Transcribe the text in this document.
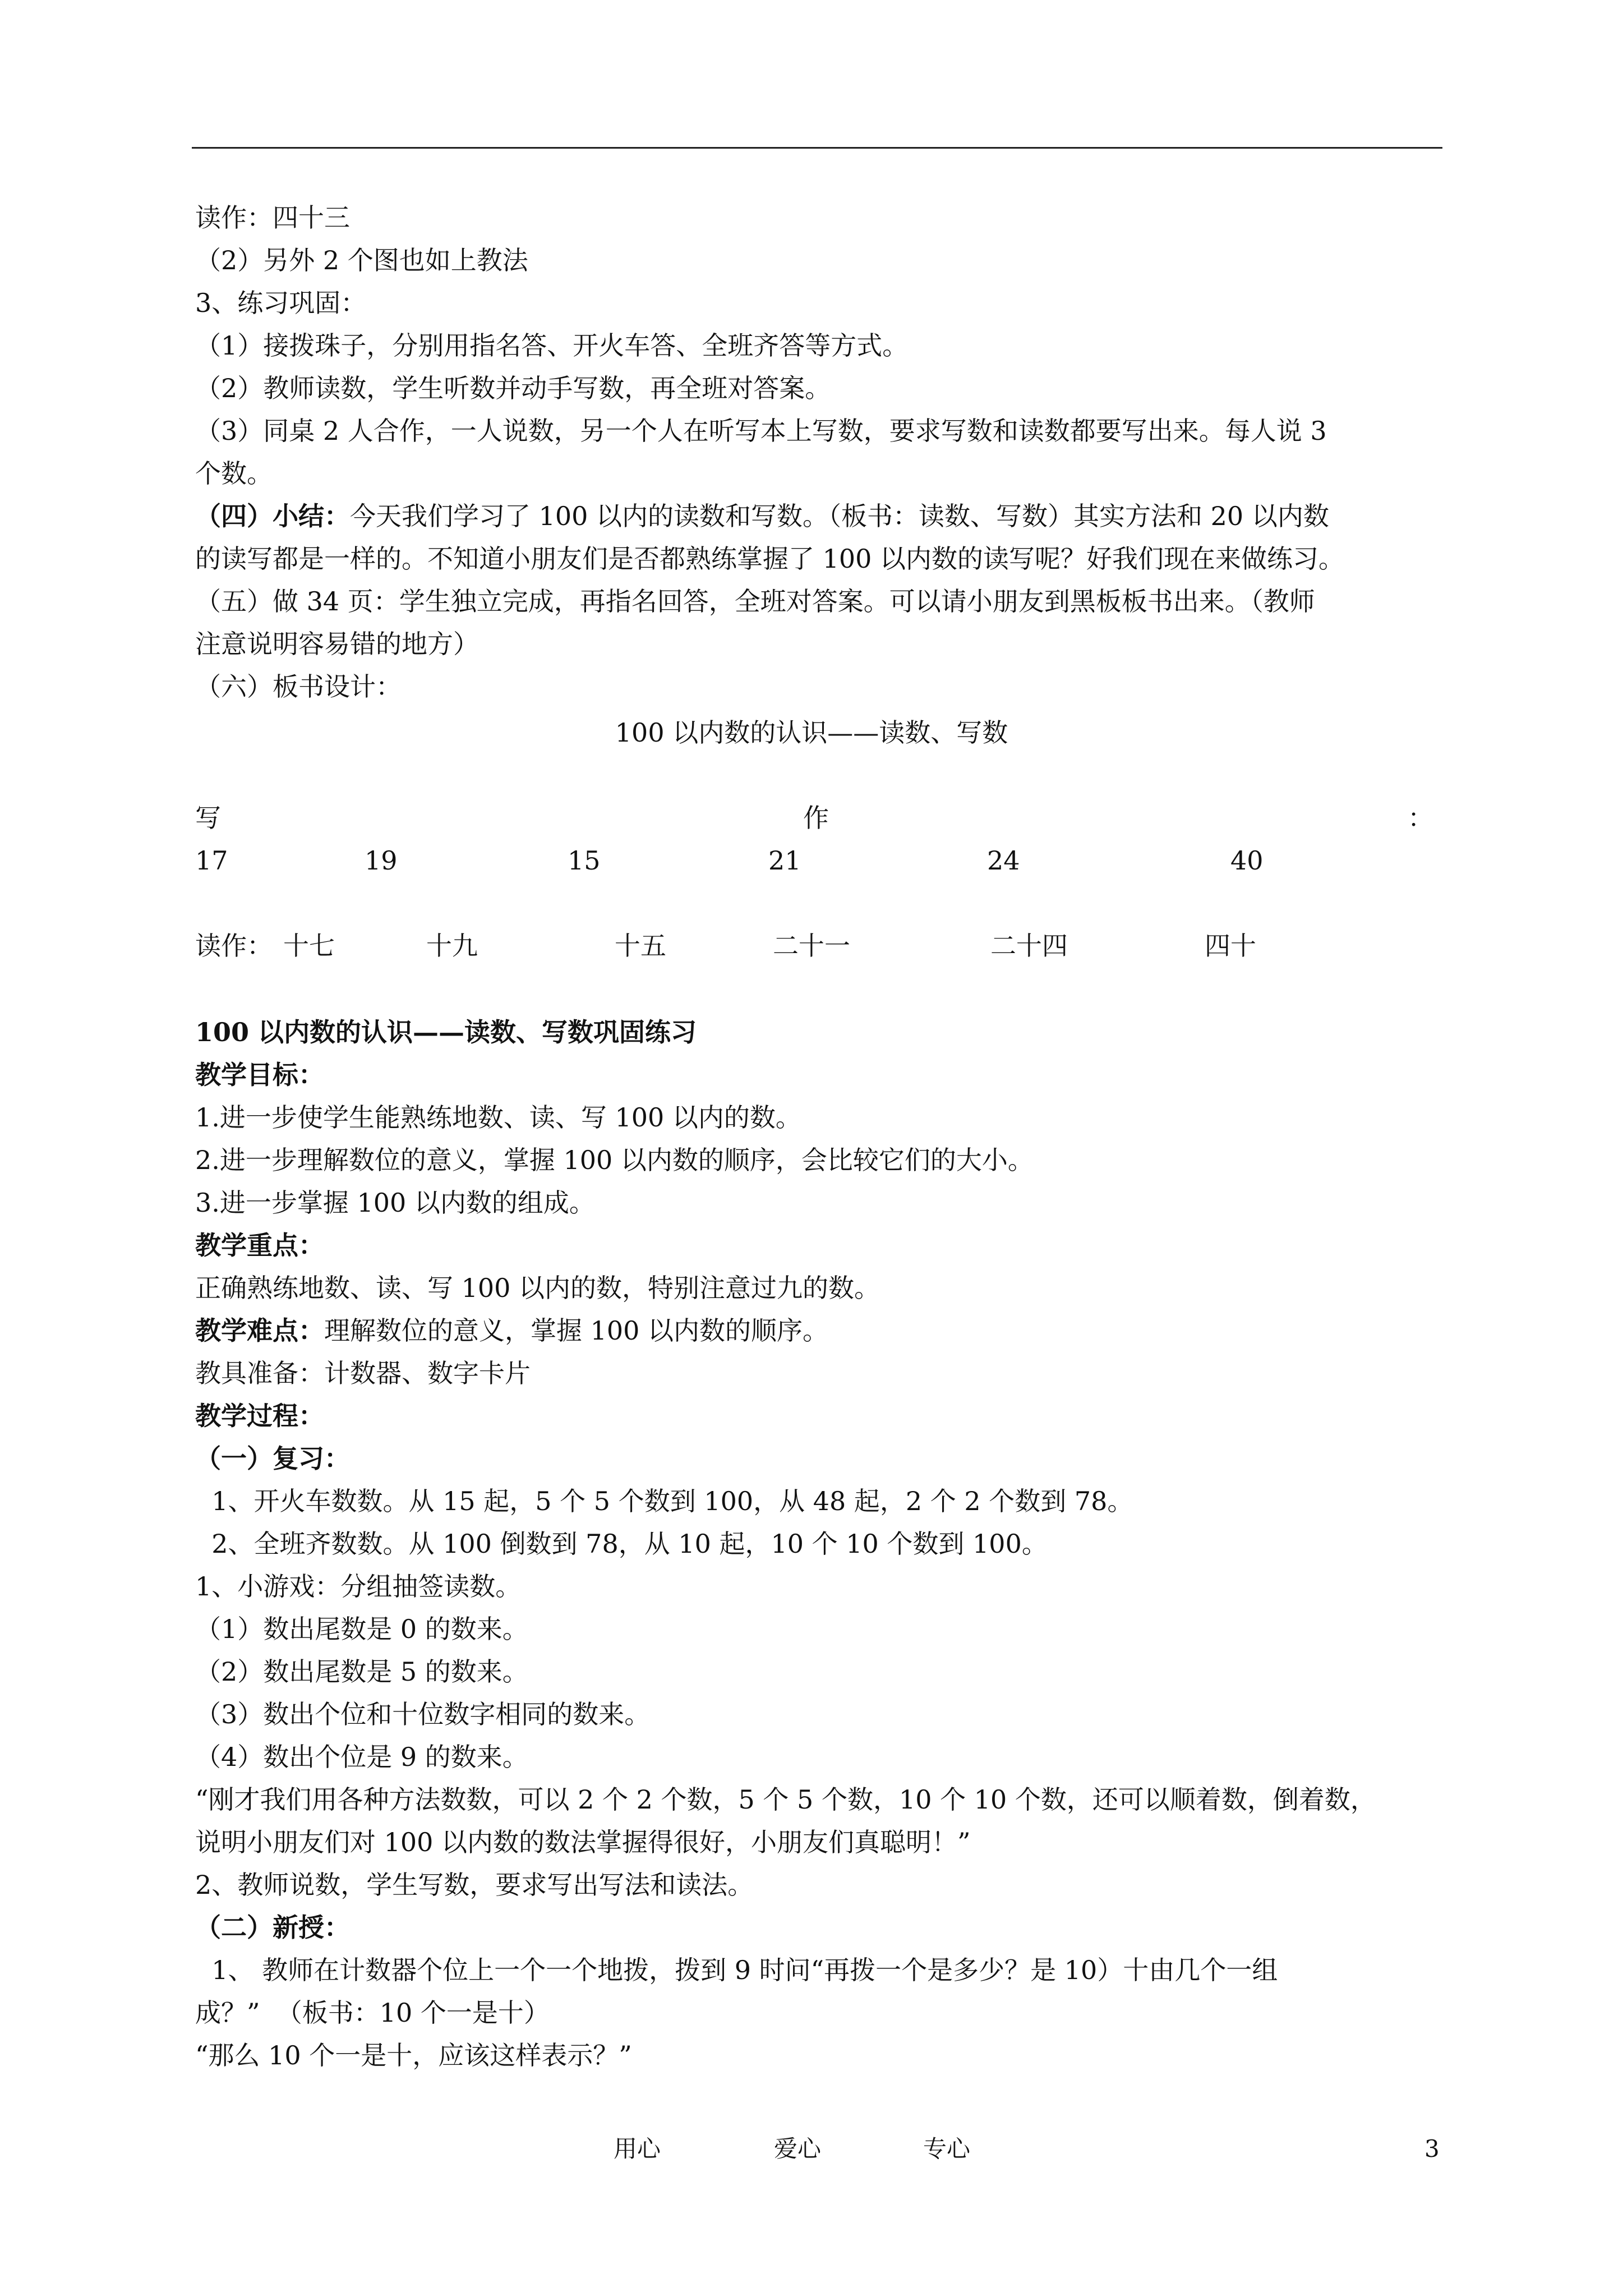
读作：四十三
（2）另外 2 个图也如上教法
3、练习巩固：
（1）接拨珠子，分别用指名答、开火车答、全班齐答等方式。
（2）教师读数，学生听数并动手写数，再全班对答案。
（3）同桌 2 人合作，一人说数，另一个人在听写本上写数，要求写数和读数都要写出来。每人说 3
个数。
（四）小结：今天我们学习了 100 以内的读数和写数。（板书：读数、写数）其实方法和 20 以内数
的读写都是一样的。不知道小朋友们是否都熟练掌握了 100 以内数的读写呢？好我们现在来做练习。
（五）做 34 页：学生独立完成，再指名回答，全班对答案。可以请小朋友到黑板板书出来。（教师
注意说明容易错的地方）
（六）板书设计：
100 以内数的认识——读数、写数
写	作	：
17	19	15	21	24	40
读作： 十七	十九	十五	二十一	二十四	四十
100 以内数的认识——读数、写数巩固练习
教学目标：
1.进一步使学生能熟练地数、读、写 100 以内的数。
2.进一步理解数位的意义，掌握 100 以内数的顺序，会比较它们的大小。
3.进一步掌握 100 以内数的组成。
教学重点：
正确熟练地数、读、写 100 以内的数，特别注意过九的数。
教学难点：理解数位的意义，掌握 100 以内数的顺序。
教具准备：计数器、数字卡片
教学过程：
（一）复习：
1、开火车数数。从 15 起，5 个 5 个数到 100，从 48 起，2 个 2 个数到 78。
2、全班齐数数。从 100 倒数到 78，从 10 起，10 个 10 个数到 100。
1、小游戏：分组抽签读数。
（1）数出尾数是 0 的数来。
（2）数出尾数是 5 的数来。
（3）数出个位和十位数字相同的数来。
（4）数出个位是 9 的数来。
“刚才我们用各种方法数数，可以 2 个 2 个数，5 个 5 个数，10 个 10 个数，还可以顺着数，倒着数，
说明小朋友们对 100 以内数的数法掌握得很好，小朋友们真聪明！”
2、教师说数，学生写数，要求写出写法和读法。
（二）新授：
1、 教师在计数器个位上一个一个地拨，拨到 9 时问“再拨一个是多少？是 10）十由几个一组
成？”  （板书：10 个一是十）
“那么 10 个一是十，应该这样表示？”
用心	爱心	专心	3
